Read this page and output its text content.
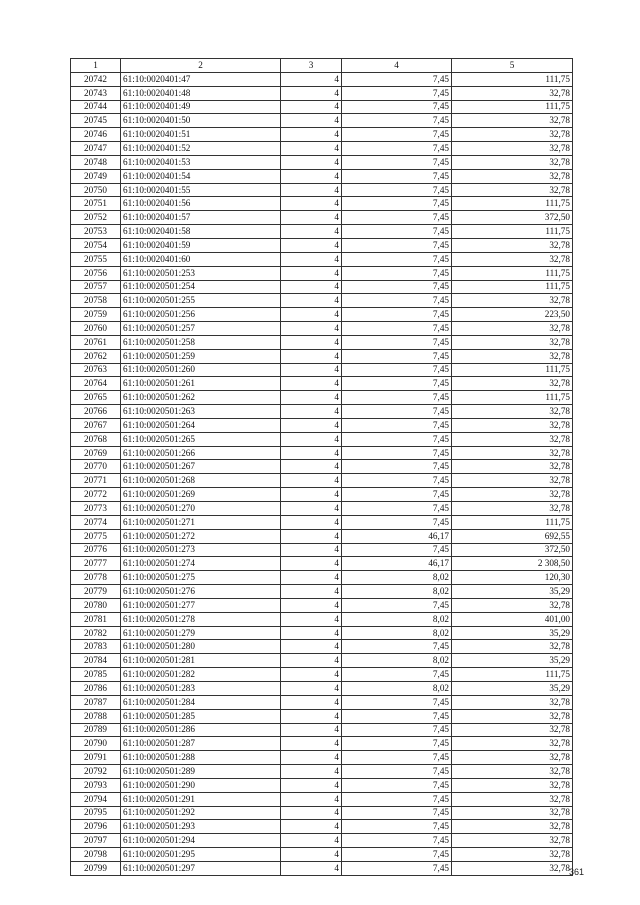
1	2	3	4	5
20742	61:10:0020401:47	4	7,45	111,75
20743	61:10:0020401:48	4	7,45	32,78
20744	61:10:0020401:49	4	7,45	111,75
20745	61:10:0020401:50	4	7,45	32,78
20746	61:10:0020401:51	4	7,45	32,78
20747	61:10:0020401:52	4	7,45	32,78
20748	61:10:0020401:53	4	7,45	32,78
20749	61:10:0020401:54	4	7,45	32,78
20750	61:10:0020401:55	4	7,45	32,78
20751	61:10:0020401:56	4	7,45	111,75
20752	61:10:0020401:57	4	7,45	372,50
20753	61:10:0020401:58	4	7,45	111,75
20754	61:10:0020401:59	4	7,45	32,78
20755	61:10:0020401:60	4	7,45	32,78
20756	61:10:0020501:253	4	7,45	111,75
20757	61:10:0020501:254	4	7,45	111,75
20758	61:10:0020501:255	4	7,45	32,78
20759	61:10:0020501:256	4	7,45	223,50
20760	61:10:0020501:257	4	7,45	32,78
20761	61:10:0020501:258	4	7,45	32,78
20762	61:10:0020501:259	4	7,45	32,78
20763	61:10:0020501:260	4	7,45	111,75
20764	61:10:0020501:261	4	7,45	32,78
20765	61:10:0020501:262	4	7,45	111,75
20766	61:10:0020501:263	4	7,45	32,78
20767	61:10:0020501:264	4	7,45	32,78
20768	61:10:0020501:265	4	7,45	32,78
20769	61:10:0020501:266	4	7,45	32,78
20770	61:10:0020501:267	4	7,45	32,78
20771	61:10:0020501:268	4	7,45	32,78
20772	61:10:0020501:269	4	7,45	32,78
20773	61:10:0020501:270	4	7,45	32,78
20774	61:10:0020501:271	4	7,45	111,75
20775	61:10:0020501:272	4	46,17	692,55
20776	61:10:0020501:273	4	7,45	372,50
20777	61:10:0020501:274	4	46,17	2 308,50
20778	61:10:0020501:275	4	8,02	120,30
20779	61:10:0020501:276	4	8,02	35,29
20780	61:10:0020501:277	4	7,45	32,78
20781	61:10:0020501:278	4	8,02	401,00
20782	61:10:0020501:279	4	8,02	35,29
20783	61:10:0020501:280	4	7,45	32,78
20784	61:10:0020501:281	4	8,02	35,29
20785	61:10:0020501:282	4	7,45	111,75
20786	61:10:0020501:283	4	8,02	35,29
20787	61:10:0020501:284	4	7,45	32,78
20788	61:10:0020501:285	4	7,45	32,78
20789	61:10:0020501:286	4	7,45	32,78
20790	61:10:0020501:287	4	7,45	32,78
20791	61:10:0020501:288	4	7,45	32,78
20792	61:10:0020501:289	4	7,45	32,78
20793	61:10:0020501:290	4	7,45	32,78
20794	61:10:0020501:291	4	7,45	32,78
20795	61:10:0020501:292	4	7,45	32,78
20796	61:10:0020501:293	4	7,45	32,78
20797	61:10:0020501:294	4	7,45	32,78
20798	61:10:0020501:295	4	7,45	32,78
20799	61:10:0020501:297	4	7,45	32,78
361
